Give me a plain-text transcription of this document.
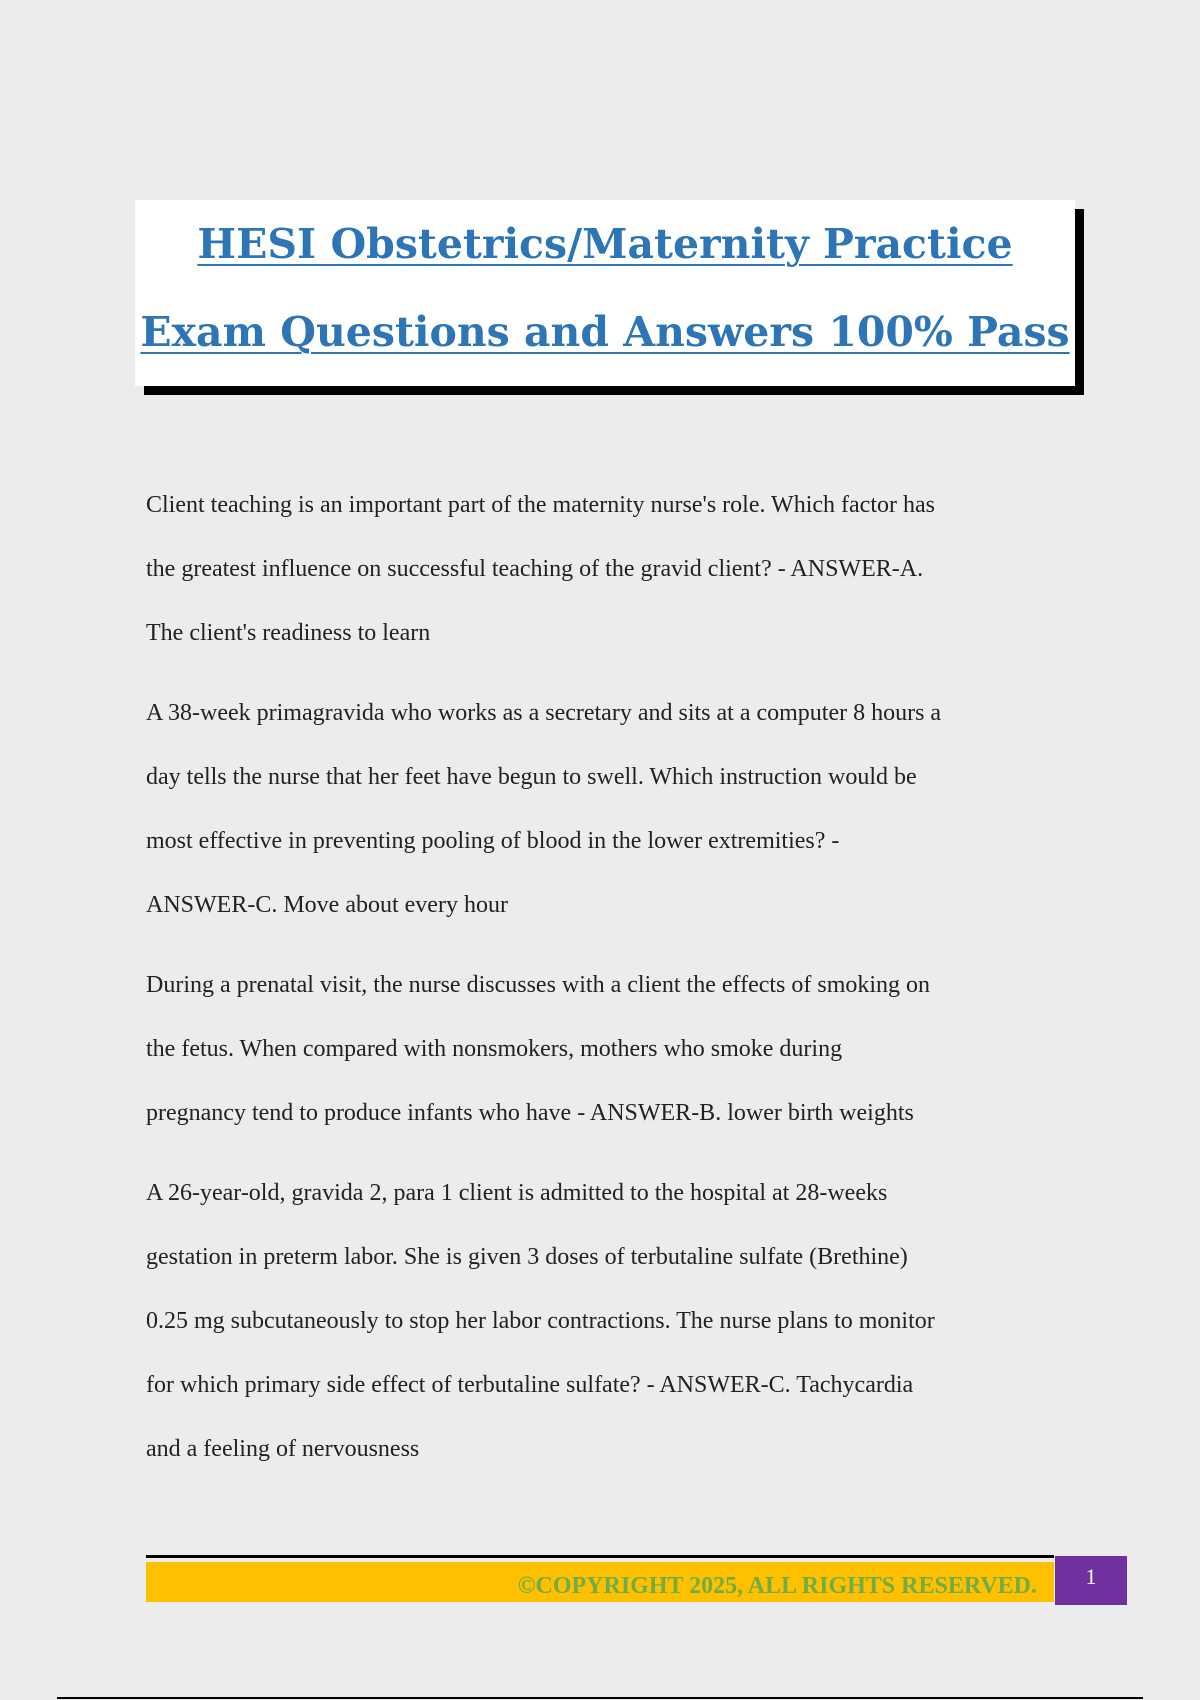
HESI Obstetrics/Maternity Practice
Exam Questions and Answers 100% Pass

Client teaching is an important part of the maternity nurse's role. Which factor has
the greatest influence on successful teaching of the gravid client? - ANSWER-A.
The client's readiness to learn

A 38-week primagravida who works as a secretary and sits at a computer 8 hours a
day tells the nurse that her feet have begun to swell. Which instruction would be
most effective in preventing pooling of blood in the lower extremities? -
ANSWER-C. Move about every hour

During a prenatal visit, the nurse discusses with a client the effects of smoking on
the fetus. When compared with nonsmokers, mothers who smoke during
pregnancy tend to produce infants who have - ANSWER-B. lower birth weights

A 26-year-old, gravida 2, para 1 client is admitted to the hospital at 28-weeks
gestation in preterm labor. She is given 3 doses of terbutaline sulfate (Brethine)
0.25 mg subcutaneously to stop her labor contractions. The nurse plans to monitor
for which primary side effect of terbutaline sulfate? - ANSWER-C. Tachycardia
and a feeling of nervousness

©COPYRIGHT 2025, ALL RIGHTS RESERVED.	1
